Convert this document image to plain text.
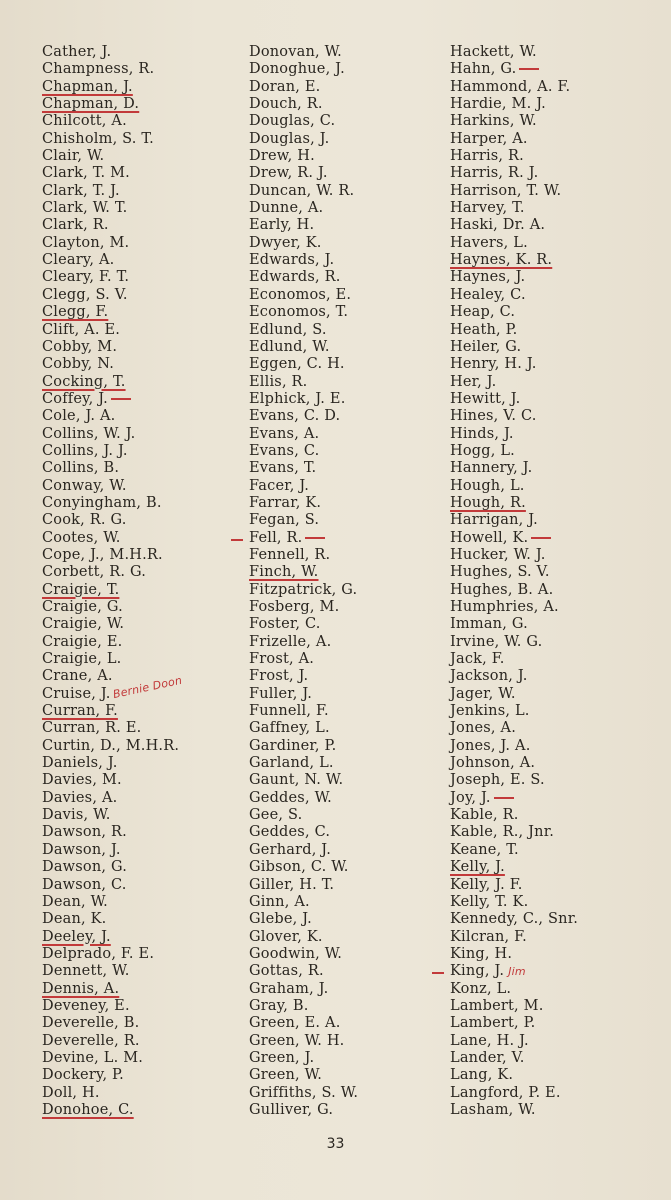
Cather, J.
Champness, R.
Chapman, J.
Chapman, D.
Chilcott, A.
Chisholm, S. T.
Clair, W.
Clark, T. M.
Clark, T. J.
Clark, W. T.
Clark, R.
Clayton, M.
Cleary, A.
Cleary, F. T.
Clegg, S. V.
Clegg, F.
Clift, A. E.
Cobby, M.
Cobby, N.
Cocking, T.
Coffey, J.
Cole, J. A.
Collins, W. J.
Collins, J. J.
Collins, B.
Conway, W.
Conyingham, B.
Cook, R. G.
Cootes, W.
Cope, J., M.H.R.
Corbett, R. G.
Craigie, T.
Craigie, G.
Craigie, W.
Craigie, E.
Craigie, L.
Crane, A.
Cruise, J.Bernie Doon
Curran, F.
Curran, R. E.
Curtin, D., M.H.R.
Daniels, J.
Davies, M.
Davies, A.
Davis, W.
Dawson, R.
Dawson, J.
Dawson, G.
Dawson, C.
Dean, W.
Dean, K.
Deeley, J.
Delprado, F. E.
Dennett, W.
Dennis, A.
Deveney, E.
Deverelle, B.
Deverelle, R.
Devine, L. M.
Dockery, P.
Doll, H.
Donohoe, C.
Donovan, W.
Donoghue, J.
Doran, E.
Douch, R.
Douglas, C.
Douglas, J.
Drew, H.
Drew, R. J.
Duncan, W. R.
Dunne, A.
Early, H.
Dwyer, K.
Edwards, J.
Edwards, R.
Economos, E.
Economos, T.
Edlund, S.
Edlund, W.
Eggen, C. H.
Ellis, R.
Elphick, J. E.
Evans, C. D.
Evans, A.
Evans, C.
Evans, T.
Facer, J.
Farrar, K.
Fegan, S.
Fell, R.
Fennell, R.
Finch, W.
Fitzpatrick, G.
Fosberg, M.
Foster, C.
Frizelle, A.
Frost, A.
Frost, J.
Fuller, J.
Funnell, F.
Gaffney, L.
Gardiner, P.
Garland, L.
Gaunt, N. W.
Geddes, W.
Gee, S.
Geddes, C.
Gerhard, J.
Gibson, C. W.
Giller, H. T.
Ginn, A.
Glebe, J.
Glover, K.
Goodwin, W.
Gottas, R.
Graham, J.
Gray, B.
Green, E. A.
Green, W. H.
Green, J.
Green, W.
Griffiths, S. W.
Gulliver, G.
Hackett, W.
Hahn, G.
Hammond, A. F.
Hardie, M. J.
Harkins, W.
Harper, A.
Harris, R.
Harris, R. J.
Harrison, T. W.
Harvey, T.
Haski, Dr. A.
Havers, L.
Haynes, K. R.
Haynes, J.
Healey, C.
Heap, C.
Heath, P.
Heiler, G.
Henry, H. J.
Her, J.
Hewitt, J.
Hines, V. C.
Hinds, J.
Hogg, L.
Hannery, J.
Hough, L.
Hough, R.
Harrigan, J.
Howell, K.
Hucker, W. J.
Hughes, S. V.
Hughes, B. A.
Humphries, A.
Imman, G.
Irvine, W. G.
Jack, F.
Jackson, J.
Jager, W.
Jenkins, L.
Jones, A.
Jones, J. A.
Johnson, A.
Joseph, E. S.
Joy, J.
Kable, R.
Kable, R., Jnr.
Keane, T.
Kelly, J.
Kelly, J. F.
Kelly, T. K.
Kennedy, C., Snr.
Kilcran, F.
King, H.
King, J. Jim
Konz, L.
Lambert, M.
Lambert, P.
Lane, H. J.
Lander, V.
Lang, K.
Langford, P. E.
Lasham, W.
33
